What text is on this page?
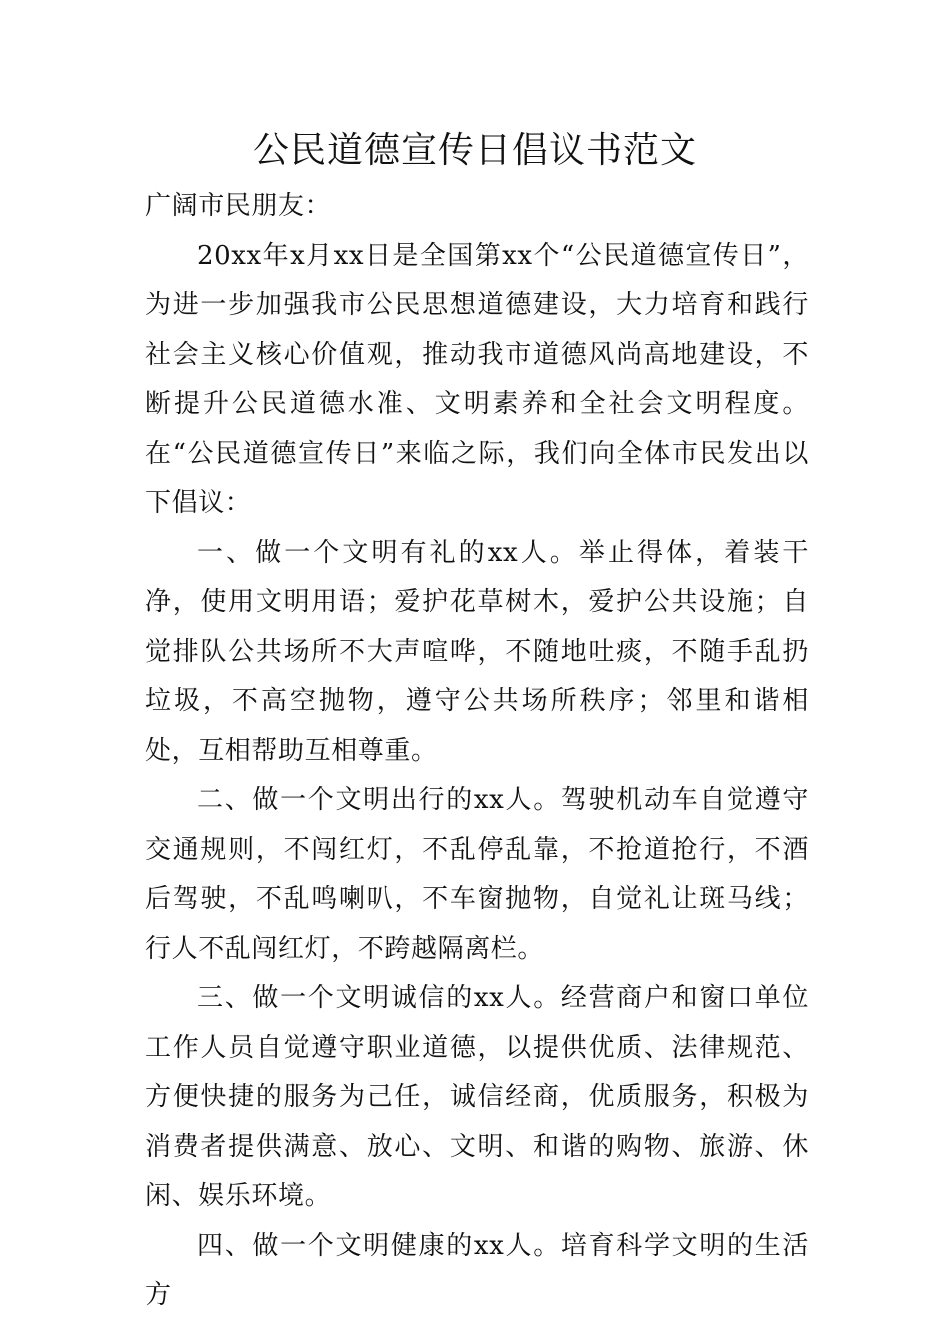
公民道德宣传日倡议书范文

广阔市民朋友：

20xx年x月xx日是全国第xx个“公民道德宣传日”，为进一步加强我市公民思想道德建设，大力培育和践行社会主义核心价值观，推动我市道德风尚高地建设，不断提升公民道德水准、文明素养和全社会文明程度。在“公民道德宣传日”来临之际，我们向全体市民发出以下倡议：

一、做一个文明有礼的xx人。举止得体，着装干净，使用文明用语；爱护花草树木，爱护公共设施；自觉排队公共场所不大声喧哗，不随地吐痰，不随手乱扔垃圾，不高空抛物，遵守公共场所秩序；邻里和谐相处，互相帮助互相尊重。

二、做一个文明出行的xx人。驾驶机动车自觉遵守交通规则，不闯红灯，不乱停乱靠，不抢道抢行，不酒后驾驶，不乱鸣喇叭，不车窗抛物，自觉礼让斑马线；行人不乱闯红灯，不跨越隔离栏。

三、做一个文明诚信的xx人。经营商户和窗口单位工作人员自觉遵守职业道德，以提供优质、法律规范、方便快捷的服务为己任，诚信经商，优质服务，积极为消费者提供满意、放心、文明、和谐的购物、旅游、休闲、娱乐环境。

四、做一个文明健康的xx人。培育科学文明的生活方
